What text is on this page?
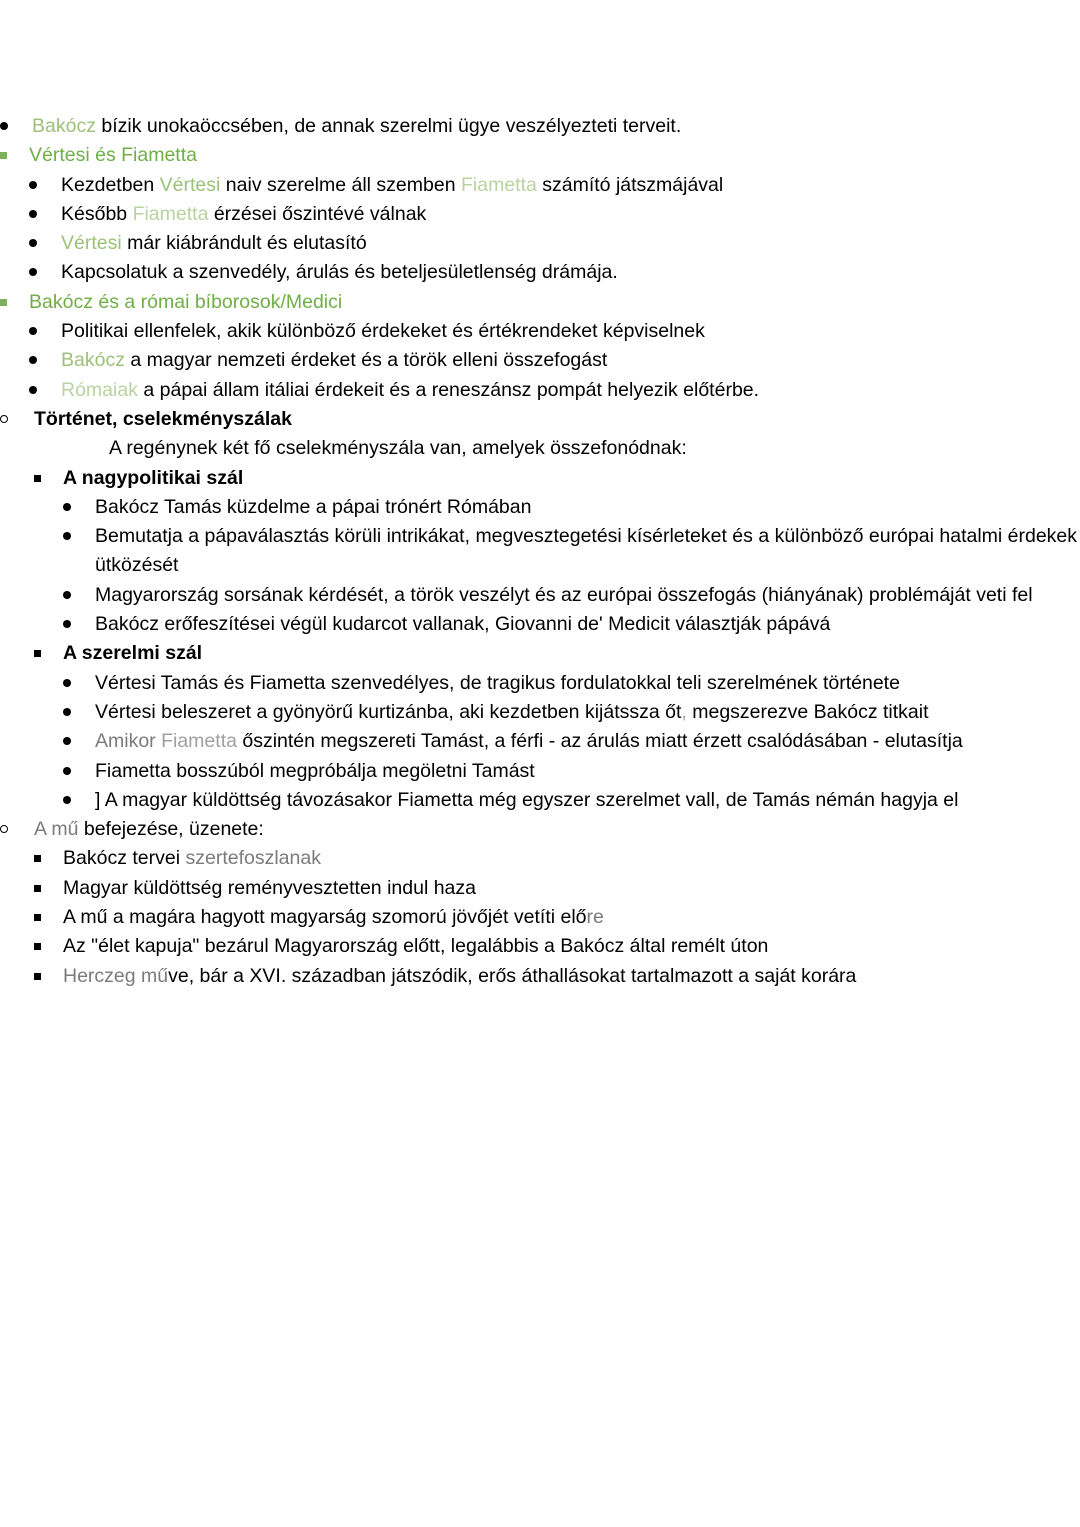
Bakócz bízik unokaöccsében, de annak szerelmi ügye veszélyezteti terveit.
Vértesi és Fiametta
Kezdetben Vértesi naiv szerelme áll szemben Fiametta számító játszmájával
Később Fiametta érzései őszintévé válnak
Vértesi már kiábrándult és elutasító
Kapcsolatuk a szenvedély, árulás és beteljesületlenség drámája.
Bakócz és a római bíborosok/Medici
Politikai ellenfelek, akik különböző érdekeket és értékrendeket képviselnek
Bakócz a magyar nemzeti érdeket és a török elleni összefogást
Rómaiak a pápai állam itáliai érdekeit és a reneszánsz pompát helyezik előtérbe.
Történet, cselekményszálak
A regénynek két fő cselekményszála van, amelyek összefonódnak:
A nagypolitikai szál
Bakócz Tamás küzdelme a pápai trónért Rómában
Bemutatja a pápaválasztás körüli intrikákat, megvesztegetési kísérleteket és a különböző európai hatalmi érdekek ütközését
Magyarország sorsának kérdését, a török veszélyt és az európai összefogás (hiányának) problémáját veti fel
Bakócz erőfeszítései végül kudarcot vallanak, Giovanni de' Medicit választják pápává
A szerelmi szál
Vértesi Tamás és Fiametta szenvedélyes, de tragikus fordulatokkal teli szerelmének története
Vértesi beleszeret a gyönyörű kurtizánba, aki kezdetben kijátssza őt, megszerezve Bakócz titkait
Amikor Fiametta őszintén megszereti Tamást, a férfi - az árulás miatt érzett csalódásában - elutasítja
Fiametta bosszúból megpróbálja megöletni Tamást
] A magyar küldöttség távozásakor Fiametta még egyszer szerelmet vall, de Tamás némán hagyja el
A mű befejezése, üzenete:
Bakócz tervei szertefoszlanak
Magyar küldöttség reményvesztetten indul haza
A mű a magára hagyott magyarság szomorú jövőjét vetíti előre
Az "élet kapuja" bezárul Magyarország előtt, legalábbis a Bakócz által remélt úton
Herczeg műve, bár a XVI. században játszódik, erős áthallásokat tartalmazott a saját korára
